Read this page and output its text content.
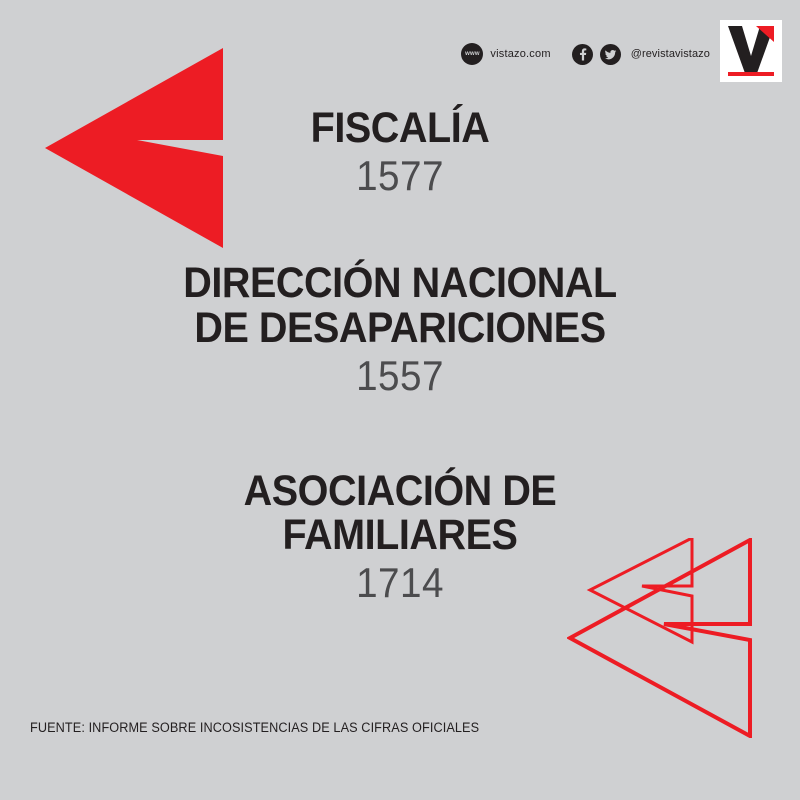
www vistazo.com	@revistavistazo
FISCALÍA
1577
DIRECCIÓN NACIONAL
DE DESAPARICIONES
1557
ASOCIACIÓN DE
FAMILIARES
1714
FUENTE: INFORME SOBRE INCOSISTENCIAS DE LAS CIFRAS OFICIALES
